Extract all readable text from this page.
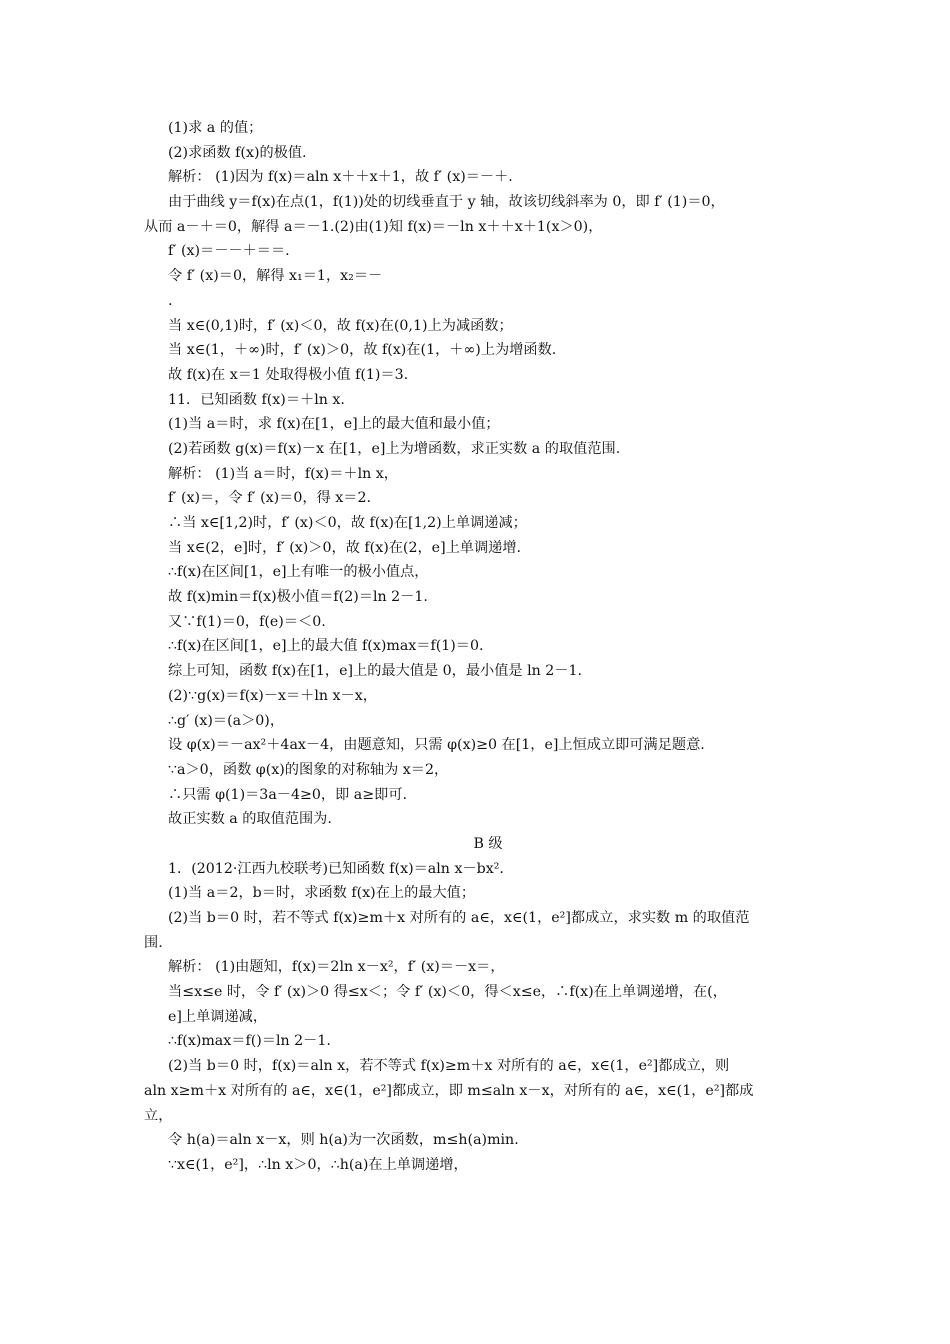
(1)求 a 的值；
(2)求函数 f(x)的极值.
解析： (1)因为 f(x)＝aln x＋＋x＋1，故 f′ (x)＝－＋.
由于曲线 y＝f(x)在点(1，f(1))处的切线垂直于 y 轴，故该切线斜率为 0，即 f′ (1)＝0，
从而 a－＋＝0，解得 a＝－1.(2)由(1)知 f(x)＝－ln x＋＋x＋1(x＞0)，
f′ (x)＝－－＋＝＝.
令 f′ (x)＝0，解得 x₁＝1，x₂＝－
.
当 x∈(0,1)时，f′ (x)＜0，故 f(x)在(0,1)上为减函数；
当 x∈(1，＋∞)时，f′ (x)＞0，故 f(x)在(1，＋∞)上为增函数.
故 f(x)在 x＝1 处取得极小值 f(1)＝3.
11．已知函数 f(x)＝＋ln x.
(1)当 a＝时，求 f(x)在[1，e]上的最大值和最小值；
(2)若函数 g(x)＝f(x)－x 在[1，e]上为增函数，求正实数 a 的取值范围.
解析： (1)当 a＝时，f(x)＝＋ln x，
f′ (x)＝，令 f′ (x)＝0，得 x＝2.
∴当 x∈[1,2)时，f′ (x)＜0，故 f(x)在[1,2)上单调递减；
当 x∈(2，e]时，f′ (x)＞0，故 f(x)在(2，e]上单调递增.
∴f(x)在区间[1，e]上有唯一的极小值点，
故 f(x)min＝f(x)极小值＝f(2)＝ln 2－1.
又∵f(1)＝0，f(e)＝＜0.
∴f(x)在区间[1，e]上的最大值 f(x)max＝f(1)＝0.
综上可知，函数 f(x)在[1，e]上的最大值是 0，最小值是 ln 2－1.
(2)∵g(x)＝f(x)－x＝＋ln x－x，
∴g′ (x)＝(a＞0)，
设 φ(x)＝－ax²＋4ax－4，由题意知，只需 φ(x)≥0 在[1，e]上恒成立即可满足题意.
∵a＞0，函数 φ(x)的图象的对称轴为 x＝2，
∴只需 φ(1)＝3a－4≥0，即 a≥即可.
故正实数 a 的取值范围为.
B 级
1．(2012·江西九校联考)已知函数 f(x)＝aln x－bx².
(1)当 a＝2，b＝时，求函数 f(x)在上的最大值；
(2)当 b＝0 时，若不等式 f(x)≥m＋x 对所有的 a∈，x∈(1，e²]都成立，求实数 m 的取值范
围.
解析： (1)由题知，f(x)＝2ln x－x²，f′ (x)＝－x＝，
当≤x≤e 时，令 f′ (x)＞0 得≤x＜；令 f′ (x)＜0，得＜x≤e，∴f(x)在上单调递增，在(，
e]上单调递减，
∴f(x)max＝f()＝ln 2－1.
(2)当 b＝0 时，f(x)＝aln x，若不等式 f(x)≥m＋x 对所有的 a∈，x∈(1，e²]都成立，则
aln x≥m＋x 对所有的 a∈，x∈(1，e²]都成立，即 m≤aln x－x，对所有的 a∈，x∈(1，e²]都成
立，
令 h(a)＝aln x－x，则 h(a)为一次函数，m≤h(a)min.
∵x∈(1，e²]，∴ln x＞0，∴h(a)在上单调递增，
